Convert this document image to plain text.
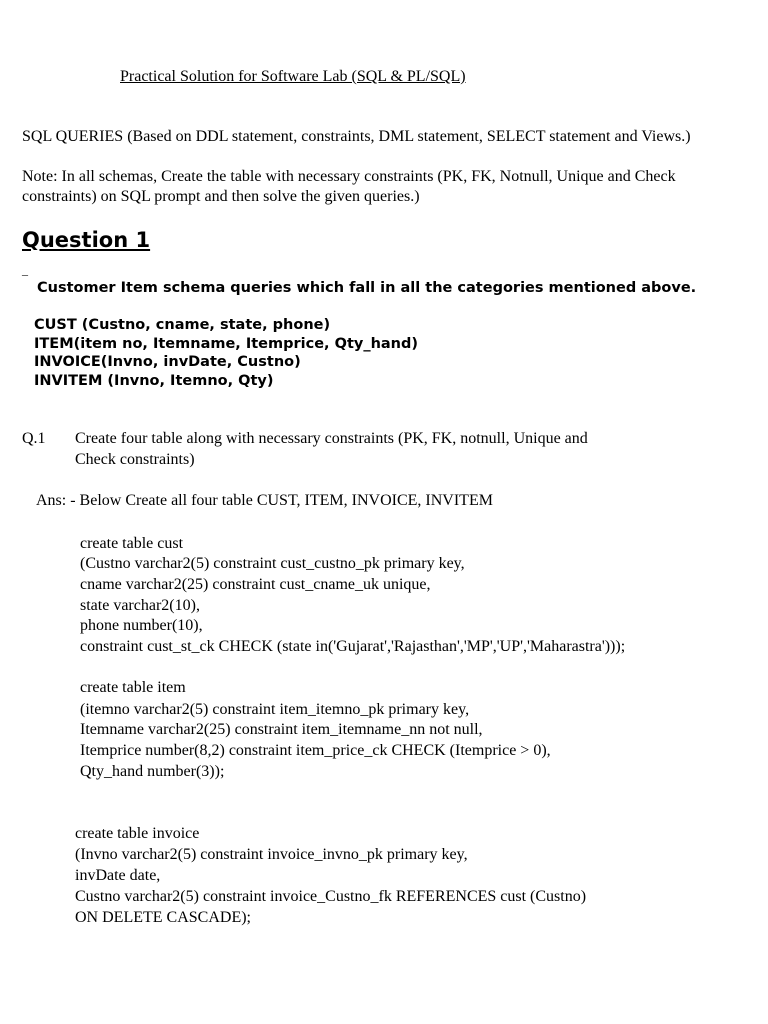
Practical Solution for Software Lab (SQL & PL/SQL)
SQL QUERIES (Based on DDL statement, constraints, DML statement, SELECT statement and Views.)
Note: In all schemas, Create the table with necessary constraints (PK, FK, Notnull, Unique and Check
constraints) on SQL prompt and then solve the given queries.)
Question 1
_
Customer Item schema queries which fall in all the categories mentioned above.
CUST (Custno, cname, state, phone)
ITEM(item no, Itemname, Itemprice, Qty_hand)
INVOICE(Invno, invDate, Custno)
INVITEM (Invno, Itemno, Qty)
Q.1 Create four table along with necessary constraints (PK, FK, notnull, Unique and
Check constraints)
Ans: - Below Create all four table CUST, ITEM, INVOICE, INVITEM
create table cust
(Custno varchar2(5) constraint cust_custno_pk primary key,
cname varchar2(25) constraint cust_cname_uk unique,
state varchar2(10),
phone number(10),
constraint cust_st_ck CHECK (state in('Gujarat','Rajasthan','MP','UP','Maharastra')));
create table item
(itemno varchar2(5) constraint item_itemno_pk primary key,
Itemname varchar2(25) constraint item_itemname_nn not null,
Itemprice number(8,2) constraint item_price_ck CHECK (Itemprice > 0),
Qty_hand number(3));
create table invoice
(Invno varchar2(5) constraint invoice_invno_pk primary key,
invDate date,
Custno varchar2(5) constraint invoice_Custno_fk REFERENCES cust (Custno)
ON DELETE CASCADE);
